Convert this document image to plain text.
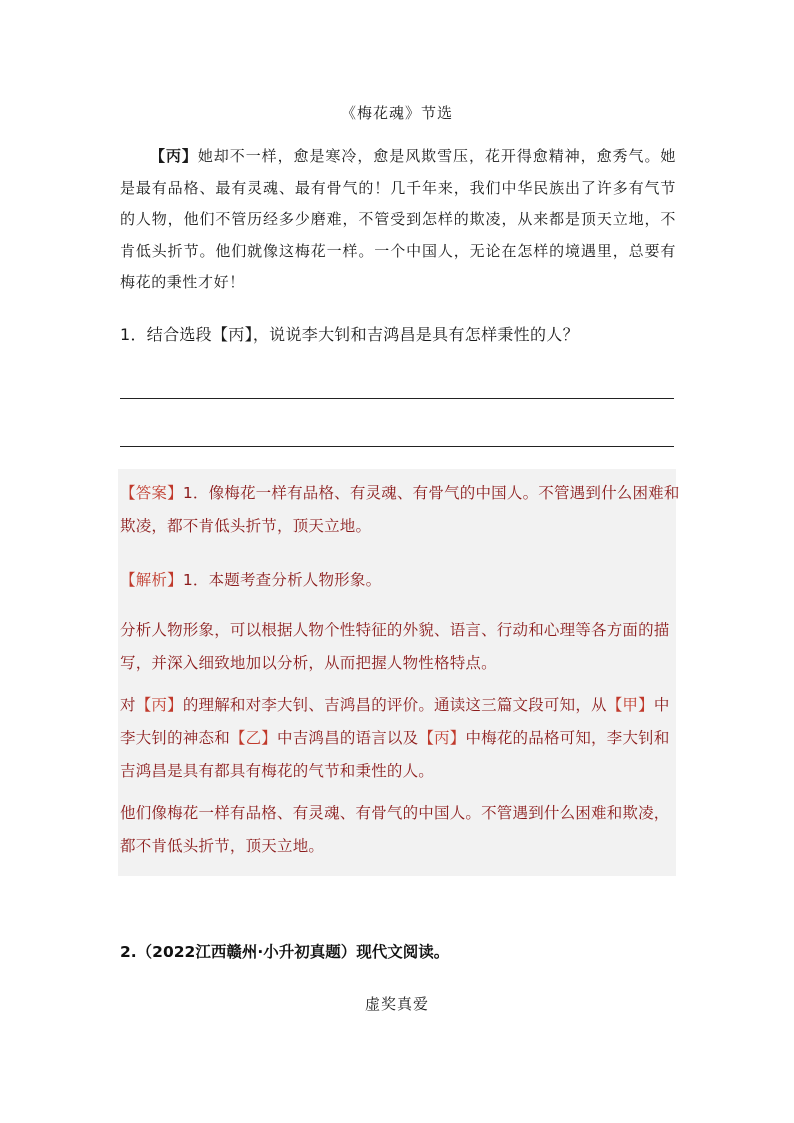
《梅花魂》节选
【丙】她却不一样，愈是寒冷，愈是风欺雪压，花开得愈精神，愈秀气。她是最有品格、最有灵魂、最有骨气的！几千年来，我们中华民族出了许多有气节的人物，他们不管历经多少磨难，不管受到怎样的欺凌，从来都是顶天立地，不肯低头折节。他们就像这梅花一样。一个中国人，无论在怎样的境遇里，总要有梅花的秉性才好！
1．结合选段【丙】，说说李大钊和吉鸿昌是具有怎样秉性的人？
【答案】1．像梅花一样有品格、有灵魂、有骨气的中国人。不管遇到什么困难和欺凌，都不肯低头折节，顶天立地。
【解析】1．本题考查分析人物形象。
分析人物形象，可以根据人物个性特征的外貌、语言、行动和心理等各方面的描写，并深入细致地加以分析，从而把握人物性格特点。
对【丙】的理解和对李大钊、吉鸿昌的评价。通读这三篇文段可知，从【甲】中李大钊的神态和【乙】中吉鸿昌的语言以及【丙】中梅花的品格可知，李大钊和吉鸿昌是具有都具有梅花的气节和秉性的人。
他们像梅花一样有品格、有灵魂、有骨气的中国人。不管遇到什么困难和欺凌，都不肯低头折节，顶天立地。
2.（2022江西赣州·小升初真题）现代文阅读。
虚奖真爱
